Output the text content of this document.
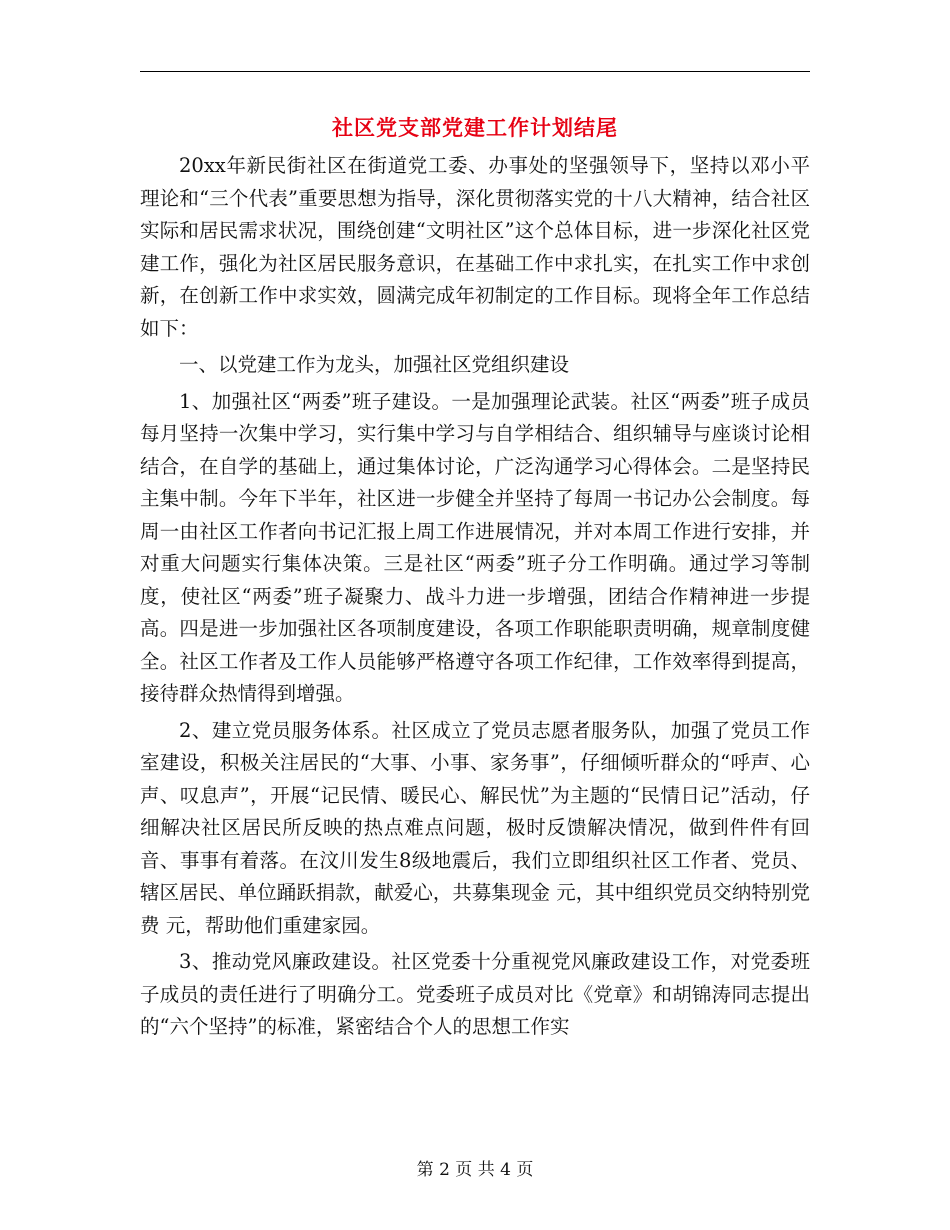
社区党支部党建工作计划结尾

20xx年新民街社区在街道党工委、办事处的坚强领导下，坚持以邓小平理论和“三个代表”重要思想为指导，深化贯彻落实党的十八大精神，结合社区实际和居民需求状况，围绕创建“文明社区”这个总体目标，进一步深化社区党建工作，强化为社区居民服务意识，在基础工作中求扎实，在扎实工作中求创新，在创新工作中求实效，圆满完成年初制定的工作目标。现将全年工作总结如下：

一、以党建工作为龙头，加强社区党组织建设

1、加强社区“两委”班子建设。一是加强理论武装。社区“两委”班子成员每月坚持一次集中学习，实行集中学习与自学相结合、组织辅导与座谈讨论相结合，在自学的基础上，通过集体讨论，广泛沟通学习心得体会。二是坚持民主集中制。今年下半年，社区进一步健全并坚持了每周一书记办公会制度。每周一由社区工作者向书记汇报上周工作进展情况，并对本周工作进行安排，并对重大问题实行集体决策。三是社区“两委”班子分工作明确。通过学习等制度，使社区“两委”班子凝聚力、战斗力进一步增强，团结合作精神进一步提高。四是进一步加强社区各项制度建设，各项工作职能职责明确，规章制度健全。社区工作者及工作人员能够严格遵守各项工作纪律，工作效率得到提高，接待群众热情得到增强。

2、建立党员服务体系。社区成立了党员志愿者服务队，加强了党员工作室建设，积极关注居民的“大事、小事、家务事”，仔细倾听群众的“呼声、心声、叹息声”，开展“记民情、暖民心、解民忧”为主题的“民情日记”活动，仔细解决社区居民所反映的热点难点问题，极时反馈解决情况，做到件件有回音、事事有着落。在汶川发生8级地震后，我们立即组织社区工作者、党员、辖区居民、单位踊跃捐款，献爱心，共募集现金 元，其中组织党员交纳特别党费 元，帮助他们重建家园。

3、推动党风廉政建设。社区党委十分重视党风廉政建设工作，对党委班子成员的责任进行了明确分工。党委班子成员对比《党章》和胡锦涛同志提出的“六个坚持”的标准，紧密结合个人的思想工作实

第 2 页 共 4 页
